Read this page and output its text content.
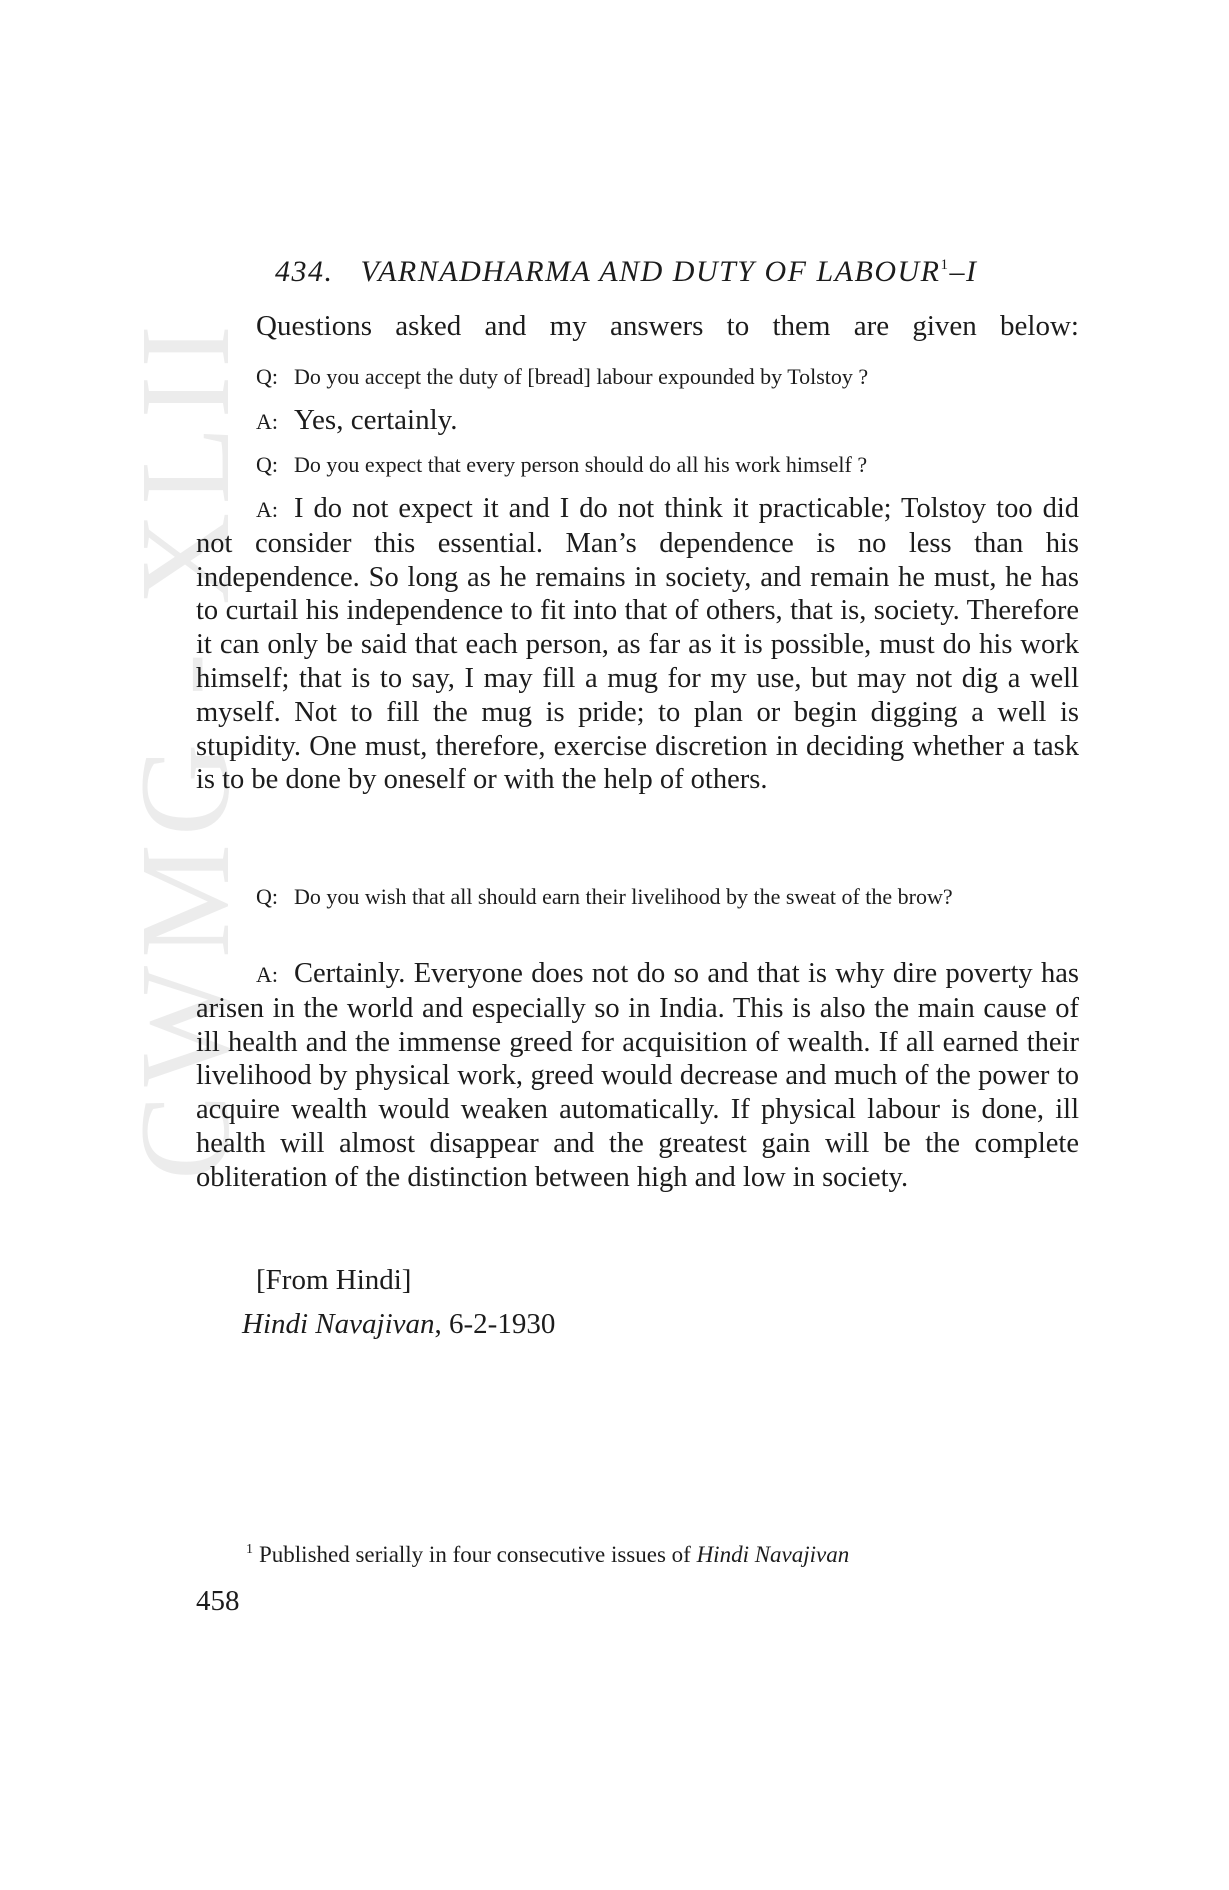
CWMG - XLII
434. VARNADHARMA AND DUTY OF LABOUR$^1$–I
Questions asked and my answers to them are given below:
Q: Do you accept the duty of [bread] labour expounded by Tolstoy ?
A: Yes, certainly.
Q: Do you expect that every person should do all his work himself ?
A: I do not expect it and I do not think it practicable; Tolstoy too did not consider this essential. Man’s dependence is no less than his independence. So long as he remains in society, and remain he must, he has to curtail his independence to fit into that of others, that is, society. Therefore it can only be said that each person, as far as it is possible, must do his work himself; that is to say, I may fill a mug for my use, but may not dig a well myself. Not to fill the mug is pride; to plan or begin digging a well is stupidity. One must, therefore, exercise discretion in deciding whether a task is to be done by oneself or with the help of others.
Q: Do you wish that all should earn their livelihood by the sweat of the brow?
A: Certainly. Everyone does not do so and that is why dire poverty has arisen in the world and especially so in India. This is also the main cause of ill health and the immense greed for acquisition of wealth. If all earned their livelihood by physical work, greed would decrease and much of the power to acquire wealth would weaken automatically. If physical labour is done, ill health will almost disappear and the greatest gain will be the complete obliteration of the distinction between high and low in society.
[From Hindi]
Hindi Navajivan, 6-2-1930
$^1$ Published serially in four consecutive issues of Hindi Navajivan
458
